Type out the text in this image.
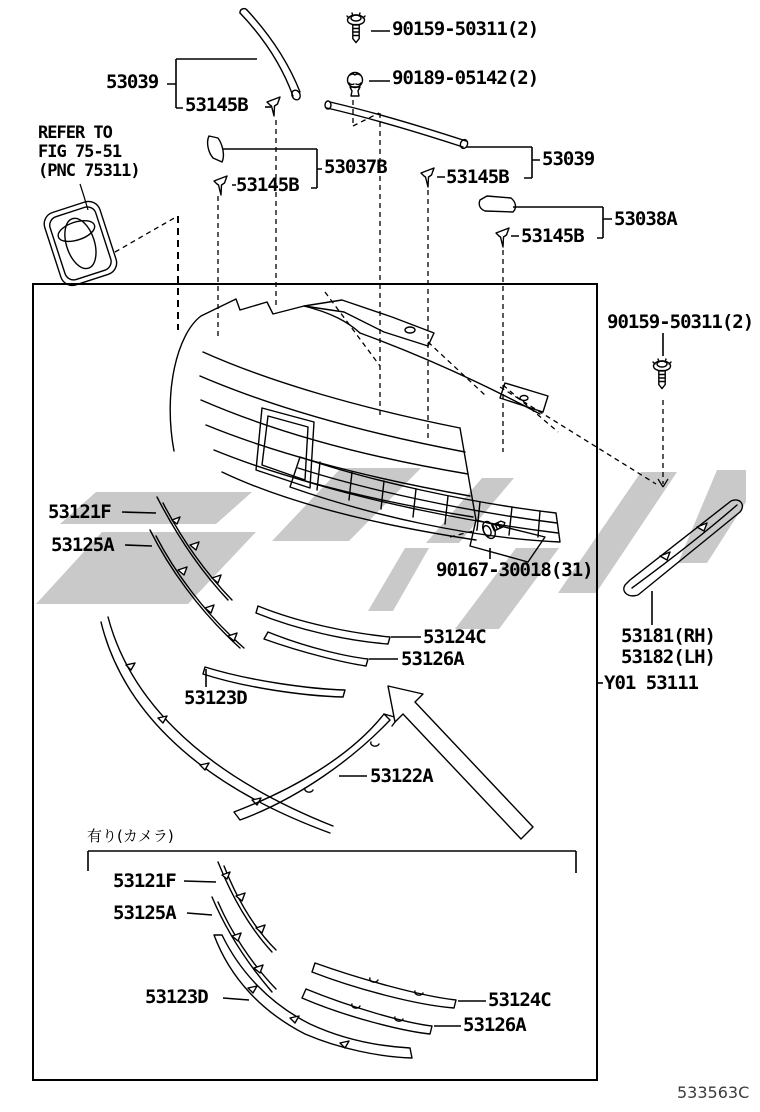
90159-50311(2)
90189-05142(2)
53039
53145B
REFER TO
FIG 75-51
(PNC 75311)	53037B
53145B
53039
53145B
53038A
53145B
90159-50311(2)
53121F
53125A
90167-30018(31)
53124C
53126A
53123D
53122A
53181(RH)
53182(LH)
Y01 53111
有り(カメラ)
53121F
53125A
53123D	53124C
53126A
533563C
